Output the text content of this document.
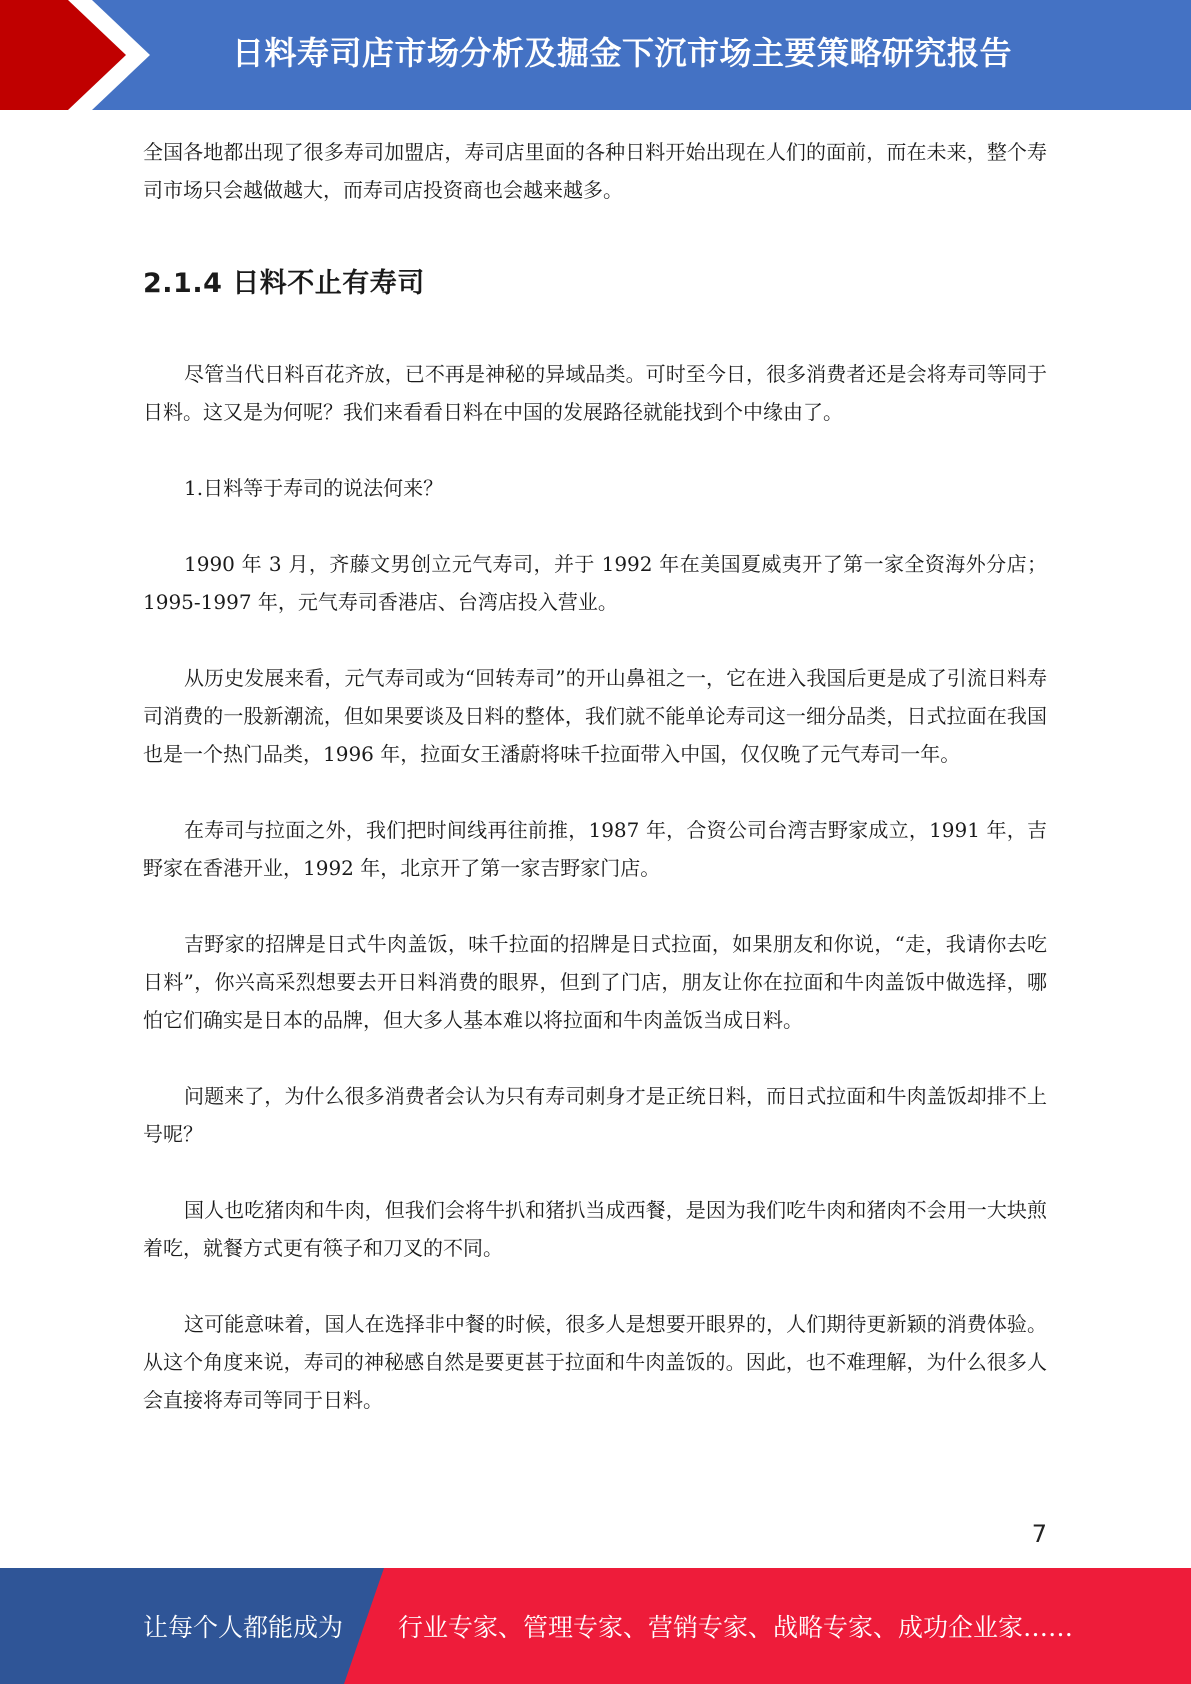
日料寿司店市场分析及掘金下沉市场主要策略研究报告

全国各地都出现了很多寿司加盟店，寿司店里面的各种日料开始出现在人们的面前，而在未来，整个寿司市场只会越做越大，而寿司店投资商也会越来越多。

2.1.4 日料不止有寿司

尽管当代日料百花齐放，已不再是神秘的异域品类。可时至今日，很多消费者还是会将寿司等同于日料。这又是为何呢？我们来看看日料在中国的发展路径就能找到个中缘由了。

1.日料等于寿司的说法何来？

1990 年 3 月，齐藤文男创立元气寿司，并于 1992 年在美国夏威夷开了第一家全资海外分店；1995-1997 年，元气寿司香港店、台湾店投入营业。

从历史发展来看，元气寿司或为“回转寿司”的开山鼻祖之一，它在进入我国后更是成了引流日料寿司消费的一股新潮流，但如果要谈及日料的整体，我们就不能单论寿司这一细分品类，日式拉面在我国也是一个热门品类，1996 年，拉面女王潘蔚将味千拉面带入中国，仅仅晚了元气寿司一年。

在寿司与拉面之外，我们把时间线再往前推，1987 年，合资公司台湾吉野家成立，1991 年，吉野家在香港开业，1992 年，北京开了第一家吉野家门店。

吉野家的招牌是日式牛肉盖饭，味千拉面的招牌是日式拉面，如果朋友和你说，“走，我请你去吃日料”，你兴高采烈想要去开日料消费的眼界，但到了门店，朋友让你在拉面和牛肉盖饭中做选择，哪怕它们确实是日本的品牌，但大多人基本难以将拉面和牛肉盖饭当成日料。

问题来了，为什么很多消费者会认为只有寿司刺身才是正统日料，而日式拉面和牛肉盖饭却排不上号呢？

国人也吃猪肉和牛肉，但我们会将牛扒和猪扒当成西餐，是因为我们吃牛肉和猪肉不会用一大块煎着吃，就餐方式更有筷子和刀叉的不同。

这可能意味着，国人在选择非中餐的时候，很多人是想要开眼界的，人们期待更新颖的消费体验。从这个角度来说，寿司的神秘感自然是要更甚于拉面和牛肉盖饭的。因此，也不难理解，为什么很多人会直接将寿司等同于日料。

7
让每个人都能成为 行业专家、管理专家、营销专家、战略专家、成功企业家……
